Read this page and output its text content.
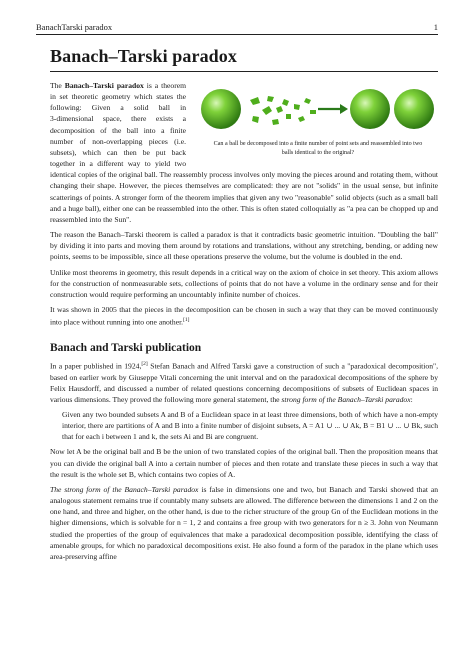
BanachTarski paradox	1
Banach–Tarski paradox
Can a ball be decomposed into a finite number of point sets and reassembled into two
balls identical to the original?

The Banach–Tarski paradox is a theorem in set theoretic geometry which states the following: Given a solid ball in 3‑dimensional space, there exists a decomposition of the ball into a finite number of non-overlapping pieces (i.e. subsets), which can then be put back together in a different way to yield two identical copies of the original ball. The reassembly process involves only moving the pieces around and rotating them, without changing their shape. However, the pieces themselves are complicated: they are not "solids" in the usual sense, but infinite scatterings of points. A stronger form of the theorem implies that given any two "reasonable" solid objects (such as a small ball and a huge ball), either one can be reassembled into the other. This is often stated colloquially as "a pea can be chopped up and reassembled into the Sun".

The reason the Banach–Tarski theorem is called a paradox is that it contradicts basic geometric intuition. "Doubling the ball" by dividing it into parts and moving them around by rotations and translations, without any stretching, bending, or adding new points, seems to be impossible, since all these operations preserve the volume, but the volume is doubled in the end.

Unlike most theorems in geometry, this result depends in a critical way on the axiom of choice in set theory. This axiom allows for the construction of nonmeasurable sets, collections of points that do not have a volume in the ordinary sense and for their construction would require performing an uncountably infinite number of choices.

It was shown in 2005 that the pieces in the decomposition can be chosen in such a way that they can be moved continuously into place without running into one another.[1]

Banach and Tarski publication

In a paper published in 1924,[2] Stefan Banach and Alfred Tarski gave a construction of such a "paradoxical decomposition", based on earlier work by Giuseppe Vitali concerning the unit interval and on the paradoxical decompositions of the sphere by Felix Hausdorff, and discussed a number of related questions concerning decompositions of subsets of Euclidean spaces in various dimensions. They proved the following more general statement, the strong form of the Banach–Tarski paradox:

Given any two bounded subsets A and B of a Euclidean space in at least three dimensions, both of which have a non-empty interior, there are partitions of A and B into a finite number of disjoint subsets, A = A1 ∪ ... ∪ Ak, B = B1 ∪ ... ∪ Bk, such that for each i between 1 and k, the sets Ai and Bi are congruent.

Now let A be the original ball and B be the union of two translated copies of the original ball. Then the proposition means that you can divide the original ball A into a certain number of pieces and then rotate and translate these pieces in such a way that the result is the whole set B, which contains two copies of A.

The strong form of the Banach–Tarski paradox is false in dimensions one and two, but Banach and Tarski showed that an analogous statement remains true if countably many subsets are allowed. The difference between the dimensions 1 and 2 on the one hand, and three and higher, on the other hand, is due to the richer structure of the group Gn of the Euclidean motions in the higher dimensions, which is solvable for n = 1, 2 and contains a free group with two generators for n ≥ 3. John von Neumann studied the properties of the group of equivalences that make a paradoxical decomposition possible, identifying the class of amenable groups, for which no paradoxical decompositions exist. He also found a form of the paradox in the plane which uses area-preserving affine
